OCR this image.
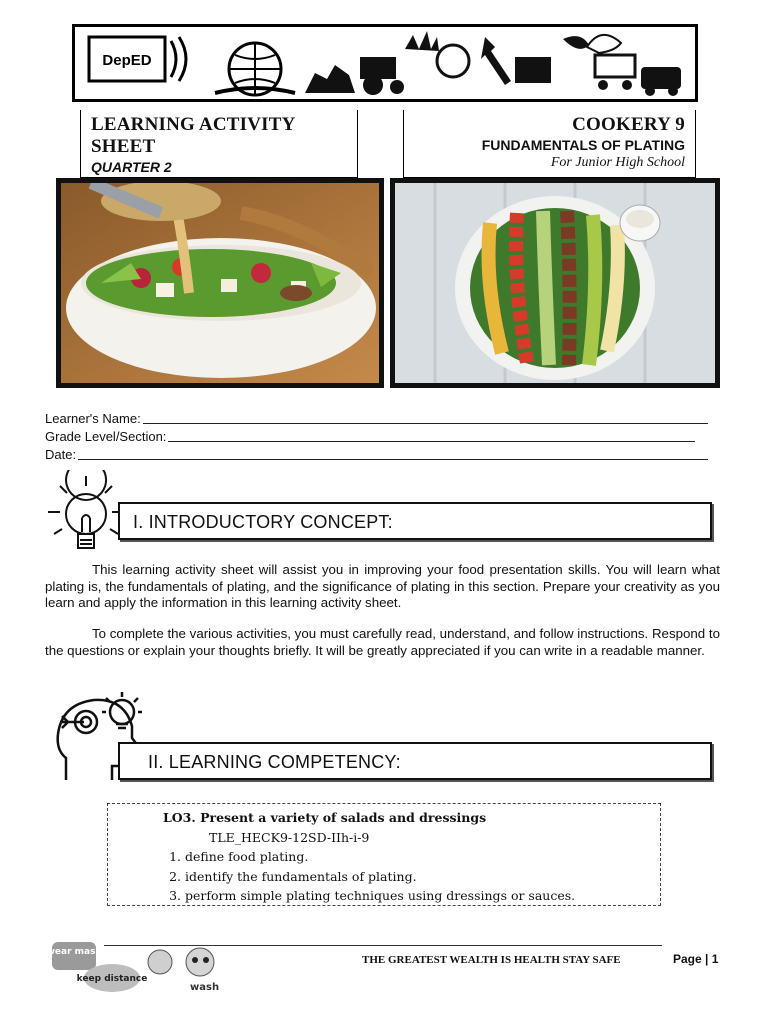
DepED
LEARNING ACTIVITY SHEET
QUARTER 2
COOKERY 9
FUNDAMENTALS OF PLATING
For Junior High School
Learner's Name:
Grade Level/Section:
Date:
I. INTRODUCTORY CONCEPT:

This learning activity sheet will assist you in improving your food presentation skills. You will learn what plating is, the fundamentals of plating, and the significance of plating in this section. Prepare your creativity as you learn and apply the information in this learning activity sheet.

To complete the various activities, you must carefully read, understand, and follow instructions. Respond to the questions or explain your thoughts briefly. It will be greatly appreciated if you can write in a readable manner.

II. LEARNING COMPETENCY:
LO3. Present a variety of salads and dressings
TLE_HECK9-12SD-IIh-i-9
1. define food plating.
2. identify the fundamentals of plating.
3. perform simple plating techniques using dressings or sauces.
wear mask
keep distance
wash
THE GREATEST WEALTH IS HEALTH STAY SAFE	Page | 1
